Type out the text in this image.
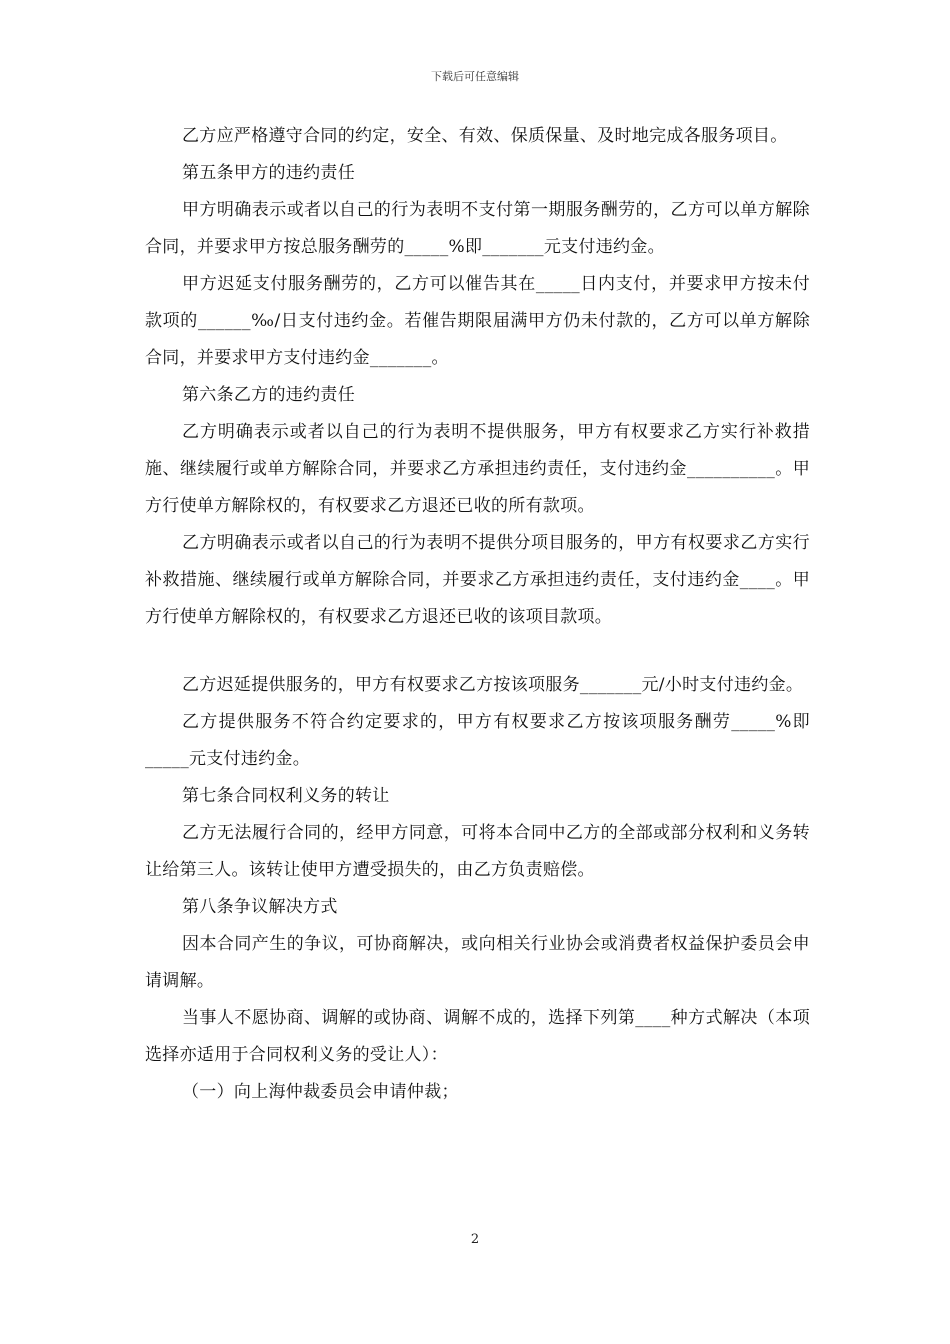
下载后可任意编辑

乙方应严格遵守合同的约定，安全、有效、保质保量、及时地完成各服务项目。

第五条甲方的违约责任

甲方明确表示或者以自己的行为表明不支付第一期服务酬劳的，乙方可以单方解除合同，并要求甲方按总服务酬劳的_____%即_______元支付违约金。

甲方迟延支付服务酬劳的，乙方可以催告其在_____日内支付，并要求甲方按未付款项的______‰/日支付违约金。若催告期限届满甲方仍未付款的，乙方可以单方解除合同，并要求甲方支付违约金_______。

第六条乙方的违约责任

乙方明确表示或者以自己的行为表明不提供服务，甲方有权要求乙方实行补救措施、继续履行或单方解除合同，并要求乙方承担违约责任，支付违约金__________。甲方行使单方解除权的，有权要求乙方退还已收的所有款项。

乙方明确表示或者以自己的行为表明不提供分项目服务的，甲方有权要求乙方实行补救措施、继续履行或单方解除合同，并要求乙方承担违约责任，支付违约金____。甲方行使单方解除权的，有权要求乙方退还已收的该项目款项。

乙方迟延提供服务的，甲方有权要求乙方按该项服务_______元/小时支付违约金。

乙方提供服务不符合约定要求的，甲方有权要求乙方按该项服务酬劳_____%即_____元支付违约金。

第七条合同权利义务的转让

乙方无法履行合同的，经甲方同意，可将本合同中乙方的全部或部分权利和义务转让给第三人。该转让使甲方遭受损失的，由乙方负责赔偿。

第八条争议解决方式

因本合同产生的争议，可协商解决，或向相关行业协会或消费者权益保护委员会申请调解。

当事人不愿协商、调解的或协商、调解不成的，选择下列第____种方式解决（本项选择亦适用于合同权利义务的受让人）：

（一）向上海仲裁委员会申请仲裁；

2
